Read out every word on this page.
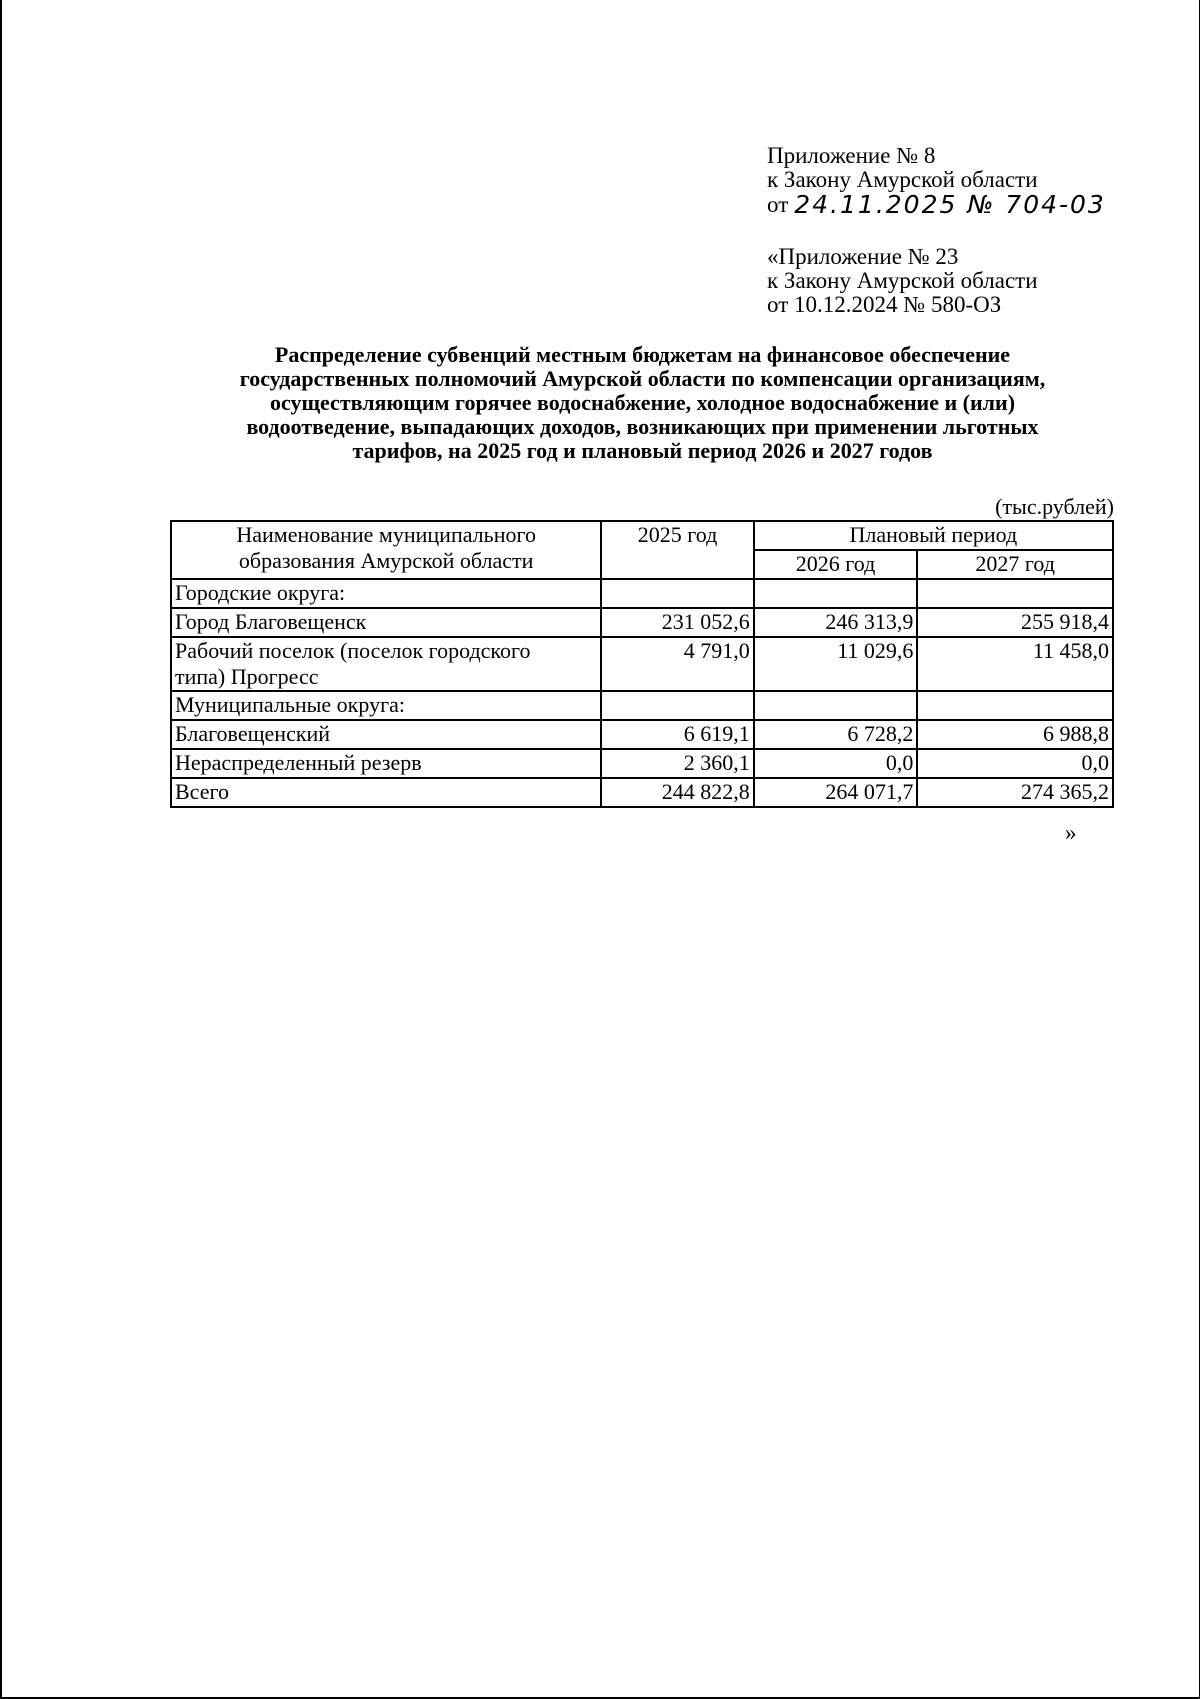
Приложение № 8
к Закону Амурской области
от 24.11.2025 № 704-03
«Приложение № 23
к Закону Амурской области
от 10.12.2024 № 580-ОЗ
Распределение субвенций местным бюджетам на финансовое обеспечение
государственных полномочий Амурской области по компенсации организациям,
осуществляющим горячее водоснабжение, холодное водоснабжение и (или)
водоотведение, выпадающих доходов, возникающих при применении льготных
тарифов, на 2025 год и плановый период 2026 и 2027 годов
(тыс.рублей)
Наименование муниципального
образования Амурской области	2025 год	Плановый период	
		2026 год	2027 год
Городские округа:			
Город Благовещенск	231 052,6	246 313,9	255 918,4

Рабочий поселок (поселок городского
типа) Прогресс	4 791,0	11 029,6	11 458,0
Муниципальные округа:			
Благовещенский	6 619,1	6 728,2	6 988,8
Нераспределенный резерв	2 360,1	0,0	0,0
Всего	244 822,8	264 071,7	274 365,2
»
